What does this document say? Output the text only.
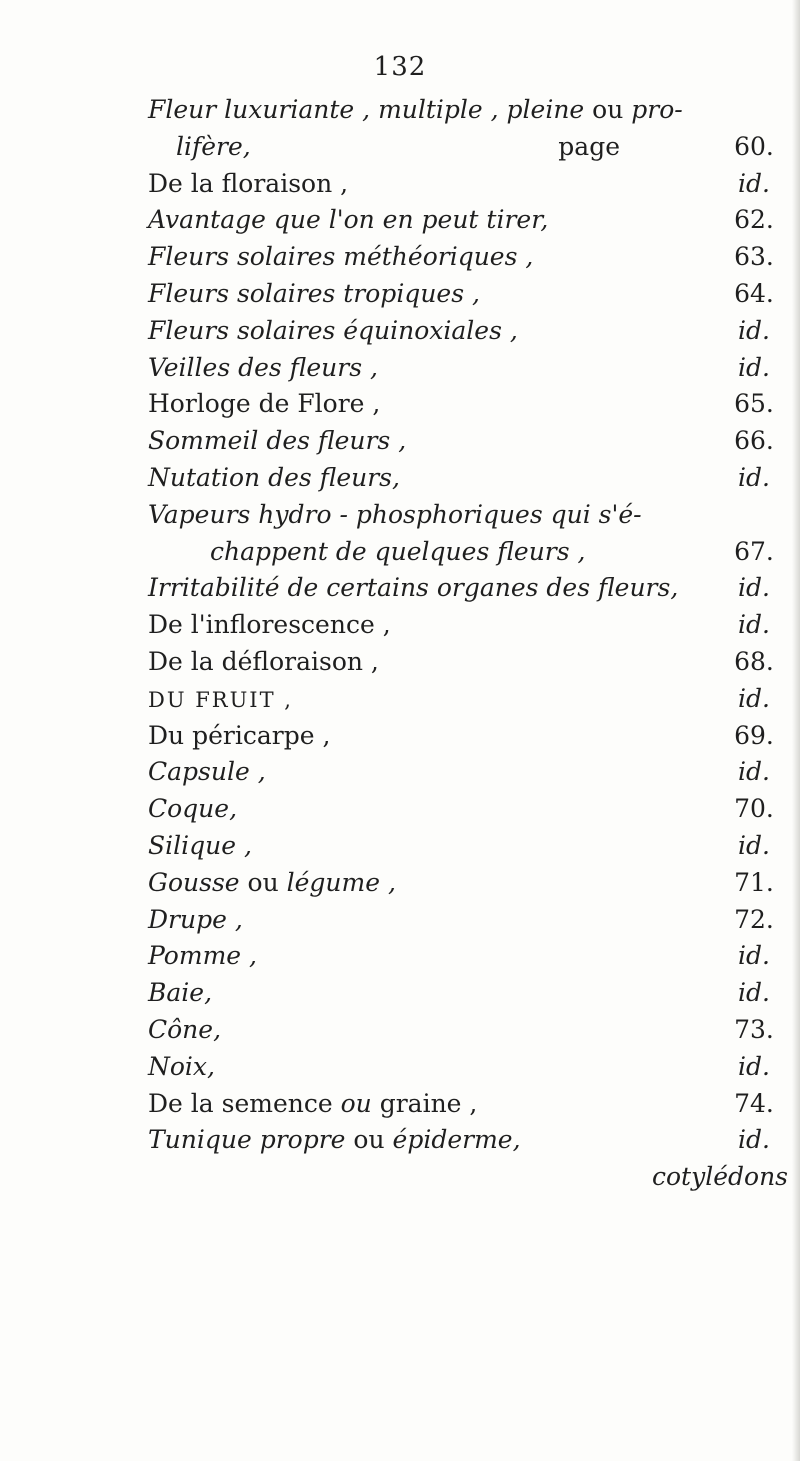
132
Fleur luxuriante , multiple , pleine ou pro-
lifère,	page	60.
De la floraison ,	id.
Avantage que l'on en peut tirer,	62.
Fleurs solaires méthéoriques ,	63.
Fleurs solaires tropiques ,	64.
Fleurs solaires équinoxiales ,	id.
Veilles des fleurs ,	id.
Horloge de Flore ,	65.
Sommeil des fleurs ,	66.
Nutation des fleurs,	id.
Vapeurs hydro - phosphoriques qui s'é-
chappent de quelques fleurs ,	67.
Irritabilité de certains organes des fleurs,	id.
De l'inflorescence ,	id.
De la défloraison ,	68.
DU FRUIT ,	id.
Du péricarpe ,	69.
Capsule ,	id.
Coque,	70.
Silique ,	id.
Gousse ou légume ,	71.
Drupe ,	72.
Pomme ,	id.
Baie,	id.
Cône,	73.
Noix,	id.
De la semence ou graine ,	74.
Tunique propre ou épiderme,	id.
cotylédons
